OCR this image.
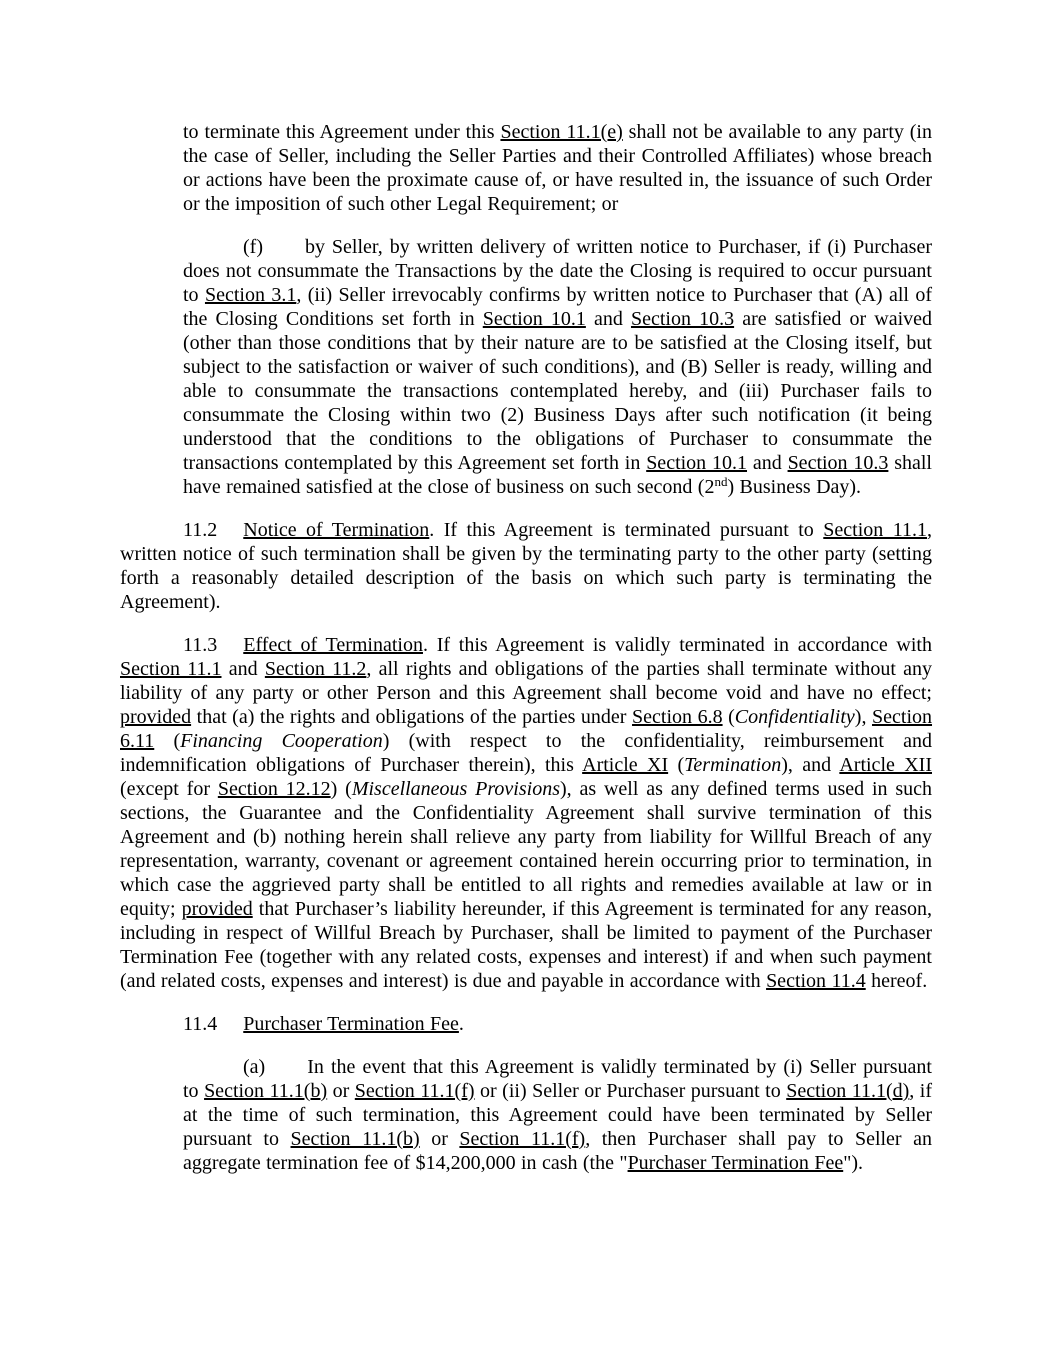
to terminate this Agreement under this Section 11.1(e) shall not be available to any party (in the case of Seller, including the Seller Parties and their Controlled Affiliates) whose breach or actions have been the proximate cause of, or have resulted in, the issuance of such Order or the imposition of such other Legal Requirement; or

(f) by Seller, by written delivery of written notice to Purchaser, if (i) Purchaser does not consummate the Transactions by the date the Closing is required to occur pursuant to Section 3.1, (ii) Seller irrevocably confirms by written notice to Purchaser that (A) all of the Closing Conditions set forth in Section 10.1 and Section 10.3 are satisfied or waived (other than those conditions that by their nature are to be satisfied at the Closing itself, but subject to the satisfaction or waiver of such conditions), and (B) Seller is ready, willing and able to consummate the transactions contemplated hereby, and (iii) Purchaser fails to consummate the Closing within two (2) Business Days after such notification (it being understood that the conditions to the obligations of Purchaser to consummate the transactions contemplated by this Agreement set forth in Section 10.1 and Section 10.3 shall have remained satisfied at the close of business on such second (2nd) Business Day).

11.2 Notice of Termination. If this Agreement is terminated pursuant to Section 11.1, written notice of such termination shall be given by the terminating party to the other party (setting forth a reasonably detailed description of the basis on which such party is terminating the Agreement).

11.3 Effect of Termination. If this Agreement is validly terminated in accordance with Section 11.1 and Section 11.2, all rights and obligations of the parties shall terminate without any liability of any party or other Person and this Agreement shall become void and have no effect; provided that (a) the rights and obligations of the parties under Section 6.8 (Confidentiality), Section 6.11 (Financing Cooperation) (with respect to the confidentiality, reimbursement and indemnification obligations of Purchaser therein), this Article XI (Termination), and Article XII (except for Section 12.12) (Miscellaneous Provisions), as well as any defined terms used in such sections, the Guarantee and the Confidentiality Agreement shall survive termination of this Agreement and (b) nothing herein shall relieve any party from liability for Willful Breach of any representation, warranty, covenant or agreement contained herein occurring prior to termination, in which case the aggrieved party shall be entitled to all rights and remedies available at law or in equity; provided that Purchaser’s liability hereunder, if this Agreement is terminated for any reason, including in respect of Willful Breach by Purchaser, shall be limited to payment of the Purchaser Termination Fee (together with any related costs, expenses and interest) if and when such payment (and related costs, expenses and interest) is due and payable in accordance with Section 11.4 hereof.

11.4 Purchaser Termination Fee.

(a) In the event that this Agreement is validly terminated by (i) Seller pursuant to Section 11.1(b) or Section 11.1(f) or (ii) Seller or Purchaser pursuant to Section 11.1(d), if at the time of such termination, this Agreement could have been terminated by Seller pursuant to Section 11.1(b) or Section 11.1(f), then Purchaser shall pay to Seller an aggregate termination fee of $14,200,000 in cash (the "Purchaser Termination Fee").
